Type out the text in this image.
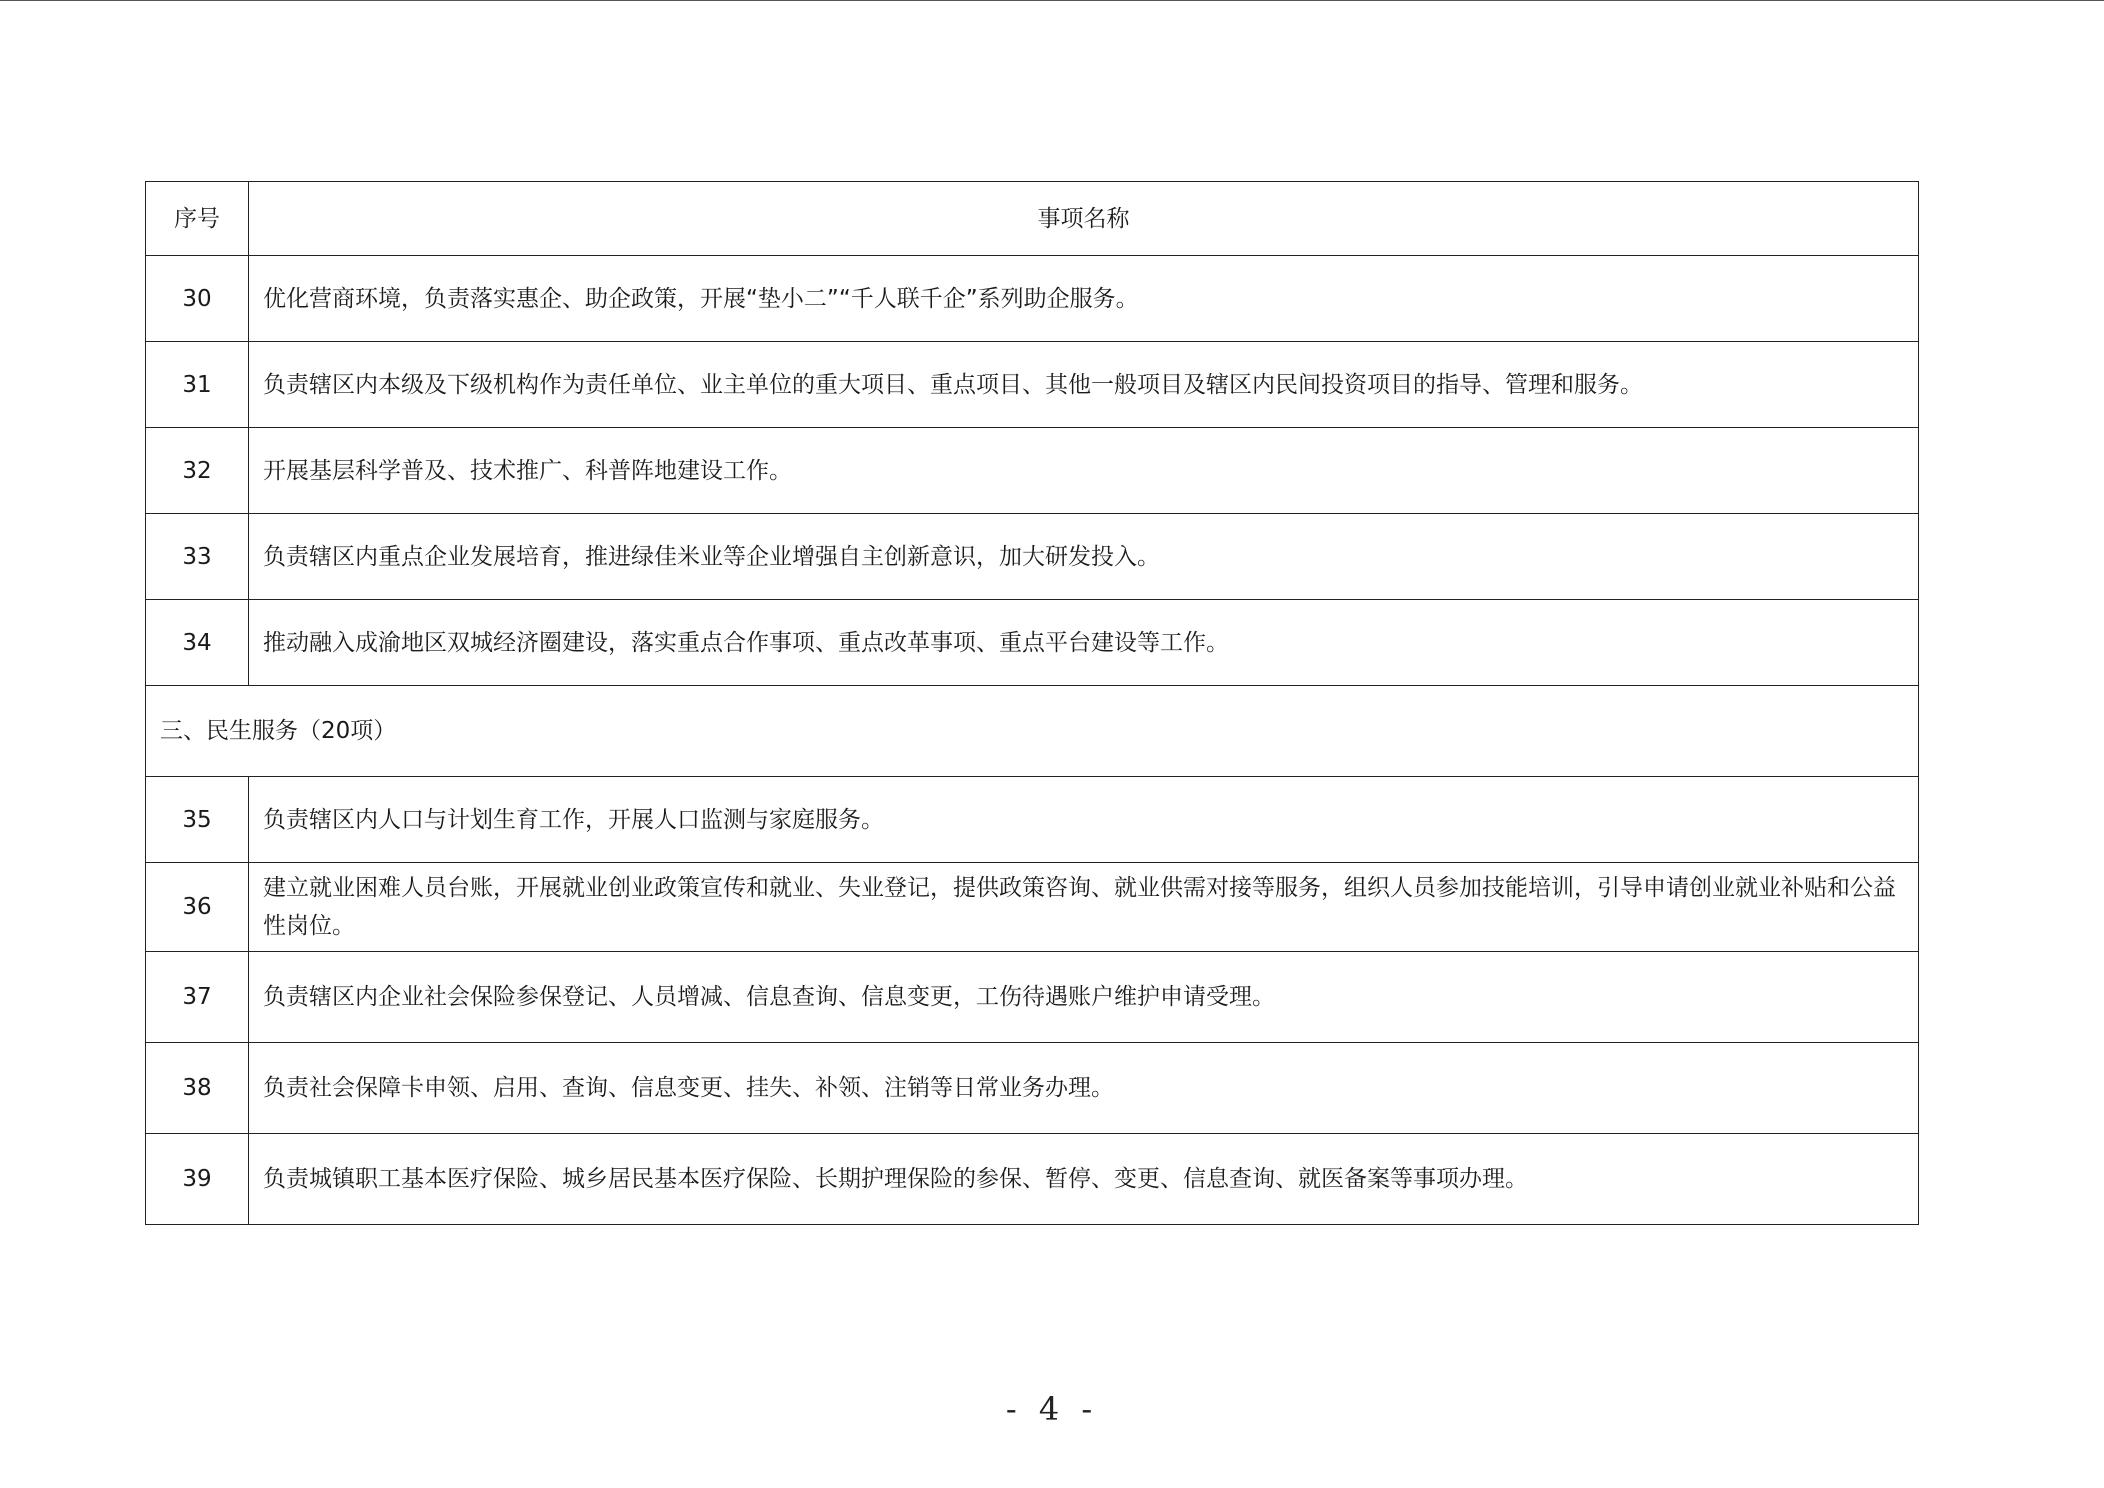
序号	事项名称
30	优化营商环境，负责落实惠企、助企政策，开展“垫小二”“千人联千企”系列助企服务。
31	负责辖区内本级及下级机构作为责任单位、业主单位的重大项目、重点项目、其他一般项目及辖区内民间投资项目的指导、管理和服务。
32	开展基层科学普及、技术推广、科普阵地建设工作。
33	负责辖区内重点企业发展培育，推进绿佳米业等企业增强自主创新意识，加大研发投入。
34	推动融入成渝地区双城经济圈建设，落实重点合作事项、重点改革事项、重点平台建设等工作。
三、民生服务（20项）	
35	负责辖区内人口与计划生育工作，开展人口监测与家庭服务。
36	建立就业困难人员台账，开展就业创业政策宣传和就业、失业登记，提供政策咨询、就业供需对接等服务，组织人员参加技能培训，引导申请创业就业补贴和公益性岗位。
37	负责辖区内企业社会保险参保登记、人员增减、信息查询、信息变更，工伤待遇账户维护申请受理。
38	负责社会保障卡申领、启用、查询、信息变更、挂失、补领、注销等日常业务办理。
39	负责城镇职工基本医疗保险、城乡居民基本医疗保险、长期护理保险的参保、暂停、变更、信息查询、就医备案等事项办理。
- 4 -
